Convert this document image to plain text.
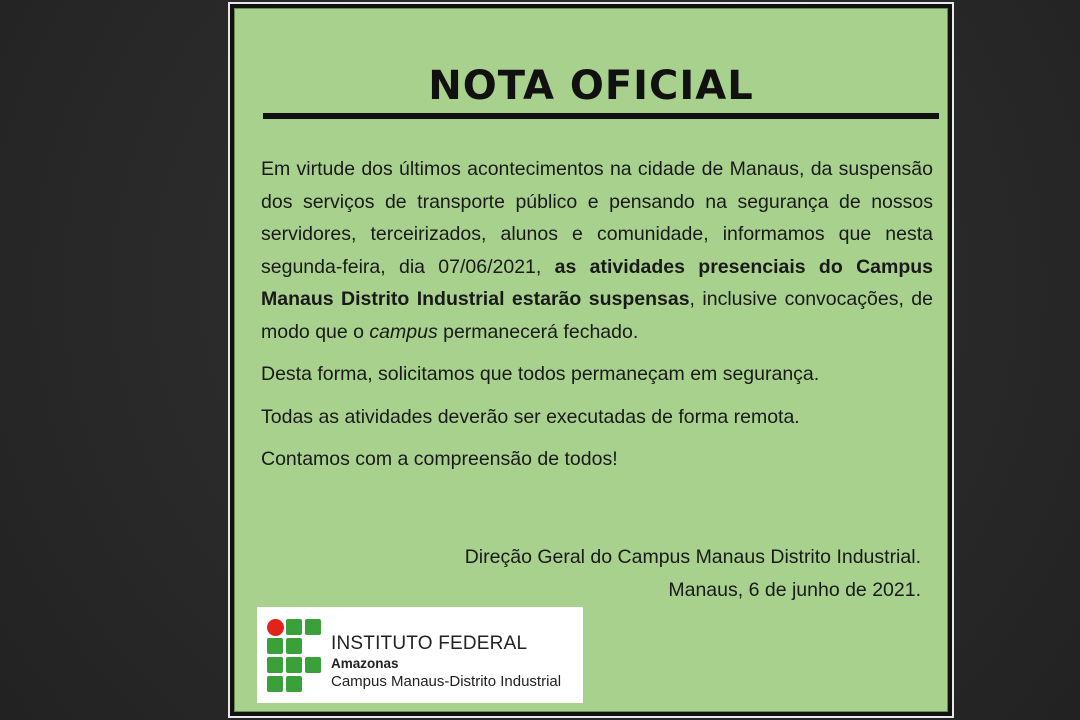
NOTA OFICIAL

Em virtude dos últimos acontecimentos na cidade de Manaus, da suspensão dos serviços de transporte público e pensando na segurança de nossos servidores, terceirizados, alunos e comunidade, informamos que nesta segunda-feira, dia 07/06/2021, as atividades presenciais do Campus Manaus Distrito Industrial estarão suspensas, inclusive convocações, de modo que o campus permanecerá fechado.

Desta forma, solicitamos que todos permaneçam em segurança.

Todas as atividades deverão ser executadas de forma remota.

Contamos com a compreensão de todos!

Direção Geral do Campus Manaus Distrito Industrial.
Manaus, 6 de junho de 2021.
INSTITUTO FEDERAL
Amazonas
Campus Manaus-Distrito Industrial
